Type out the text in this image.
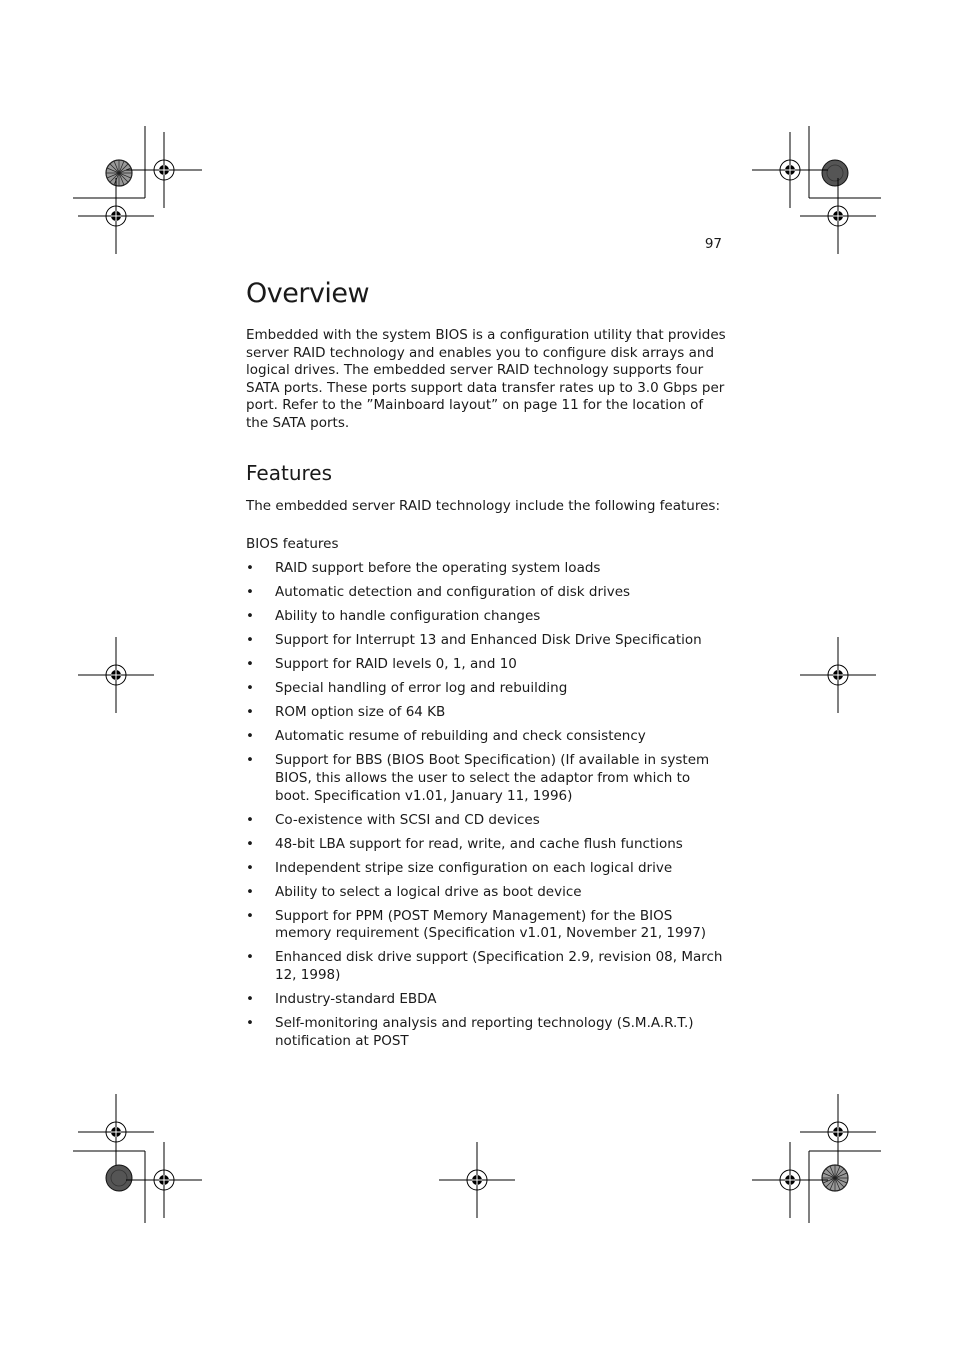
97
Overview

Embedded with the system BIOS is a configuration utility that provides server RAID technology and enables you to configure disk arrays and logical drives. The embedded server RAID technology supports four SATA ports. These ports support data transfer rates up to 3.0 Gbps per port. Refer to the ”Mainboard layout” on page 11 for the location of the SATA ports.

Features

The embedded server RAID technology include the following features:

BIOS features
• RAID support before the operating system loads
• Automatic detection and configuration of disk drives
• Ability to handle configuration changes
• Support for Interrupt 13 and Enhanced Disk Drive Specification
• Support for RAID levels 0, 1, and 10
• Special handling of error log and rebuilding
• ROM option size of 64 KB
• Automatic resume of rebuilding and check consistency
• Support for BBS (BIOS Boot Specification) (If available in system BIOS, this allows the user to select the adaptor from which to boot. Specification v1.01, January 11, 1996)
• Co-existence with SCSI and CD devices
• 48-bit LBA support for read, write, and cache flush functions
• Independent stripe size configuration on each logical drive
• Ability to select a logical drive as boot device
• Support for PPM (POST Memory Management) for the BIOS memory requirement (Specification v1.01, November 21, 1997)
• Enhanced disk drive support (Specification 2.9, revision 08, March 12, 1998)
• Industry-standard EBDA
• Self-monitoring analysis and reporting technology (S.M.A.R.T.) notification at POST
